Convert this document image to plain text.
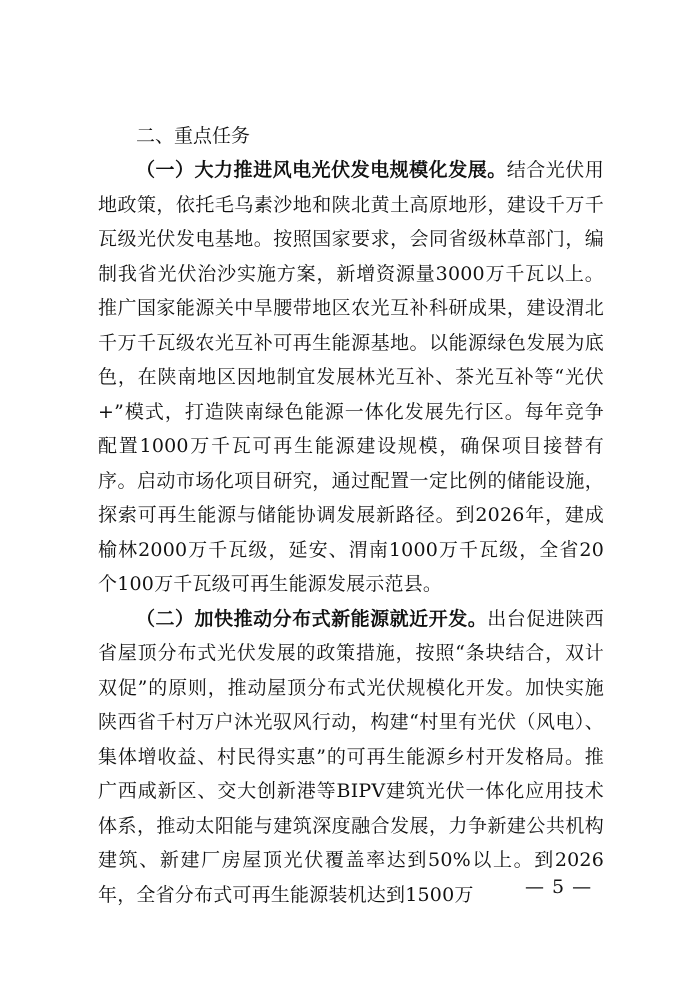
二、重点任务

（一）大力推进风电光伏发电规模化发展。结合光伏用地政策，依托毛乌素沙地和陕北黄土高原地形，建设千万千瓦级光伏发电基地。按照国家要求，会同省级林草部门，编制我省光伏治沙实施方案，新增资源量3000万千瓦以上。推广国家能源关中旱腰带地区农光互补科研成果，建设渭北千万千瓦级农光互补可再生能源基地。以能源绿色发展为底色，在陕南地区因地制宜发展林光互补、茶光互补等“光伏+”模式，打造陕南绿色能源一体化发展先行区。每年竞争配置1000万千瓦可再生能源建设规模，确保项目接替有序。启动市场化项目研究，通过配置一定比例的储能设施，探索可再生能源与储能协调发展新路径。到2026年，建成榆林2000万千瓦级，延安、渭南1000万千瓦级，全省20个100万千瓦级可再生能源发展示范县。

（二）加快推动分布式新能源就近开发。出台促进陕西省屋顶分布式光伏发展的政策措施，按照“条块结合，双计双促”的原则，推动屋顶分布式光伏规模化开发。加快实施陕西省千村万户沐光驭风行动，构建“村里有光伏（风电）、集体增收益、村民得实惠”的可再生能源乡村开发格局。推广西咸新区、交大创新港等BIPV建筑光伏一体化应用技术体系，推动太阳能与建筑深度融合发展，力争新建公共机构建筑、新建厂房屋顶光伏覆盖率达到50%以上。到2026年，全省分布式可再生能源装机达到1500万	— 5 —
